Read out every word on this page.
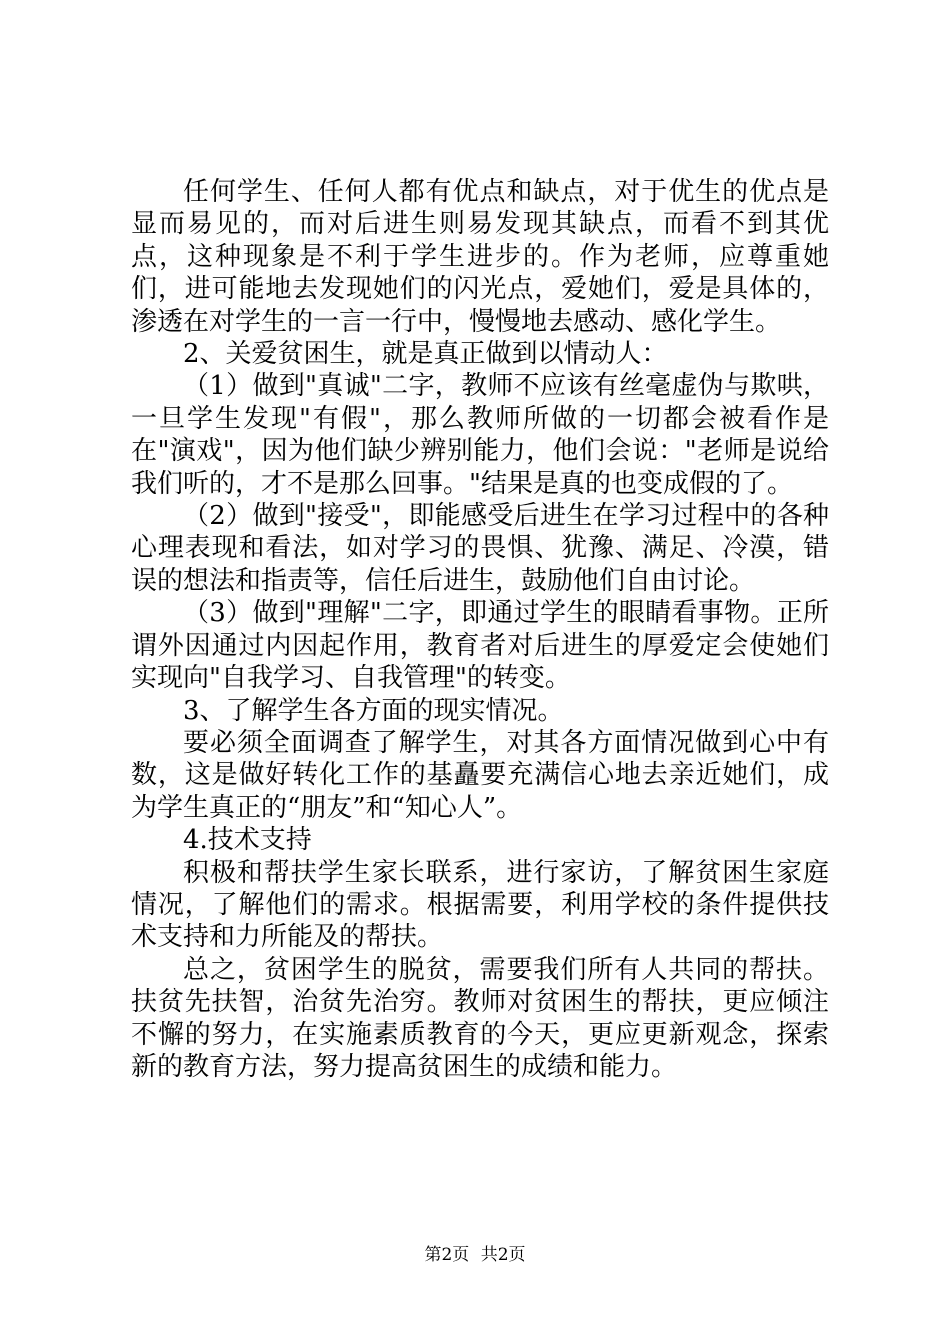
任何学生、任何人都有优点和缺点，对于优生的优点是显而易见的，而对后进生则易发现其缺点，而看不到其优点，这种现象是不利于学生进步的。作为老师，应尊重她们，进可能地去发现她们的闪光点，爱她们，爱是具体的，渗透在对学生的一言一行中，慢慢地去感动、感化学生。

2、关爱贫困生，就是真正做到以情动人：

（1）做到"真诚"二字，教师不应该有丝毫虚伪与欺哄，一旦学生发现"有假"，那么教师所做的一切都会被看作是在"演戏"，因为他们缺少辨别能力，他们会说："老师是说给我们听的，才不是那么回事。"结果是真的也变成假的了。

（2）做到"接受"，即能感受后进生在学习过程中的各种心理表现和看法，如对学习的畏惧、犹豫、满足、冷漠，错误的想法和指责等，信任后进生，鼓励他们自由讨论。

（3）做到"理解"二字，即通过学生的眼睛看事物。正所谓外因通过内因起作用，教育者对后进生的厚爱定会使她们实现向"自我学习、自我管理"的转变。

3、了解学生各方面的现实情况。

要必须全面调查了解学生，对其各方面情况做到心中有数，这是做好转化工作的基矗要充满信心地去亲近她们，成为学生真正的“朋友”和“知心人”。

4.技术支持

积极和帮扶学生家长联系，进行家访，了解贫困生家庭情况，了解他们的需求。根据需要，利用学校的条件提供技术支持和力所能及的帮扶。

总之，贫困学生的脱贫，需要我们所有人共同的帮扶。扶贫先扶智，治贫先治穷。教师对贫困生的帮扶，更应倾注不懈的努力，在实施素质教育的今天，更应更新观念，探索新的教育方法，努力提高贫困生的成绩和能力。

第2页 共2页
